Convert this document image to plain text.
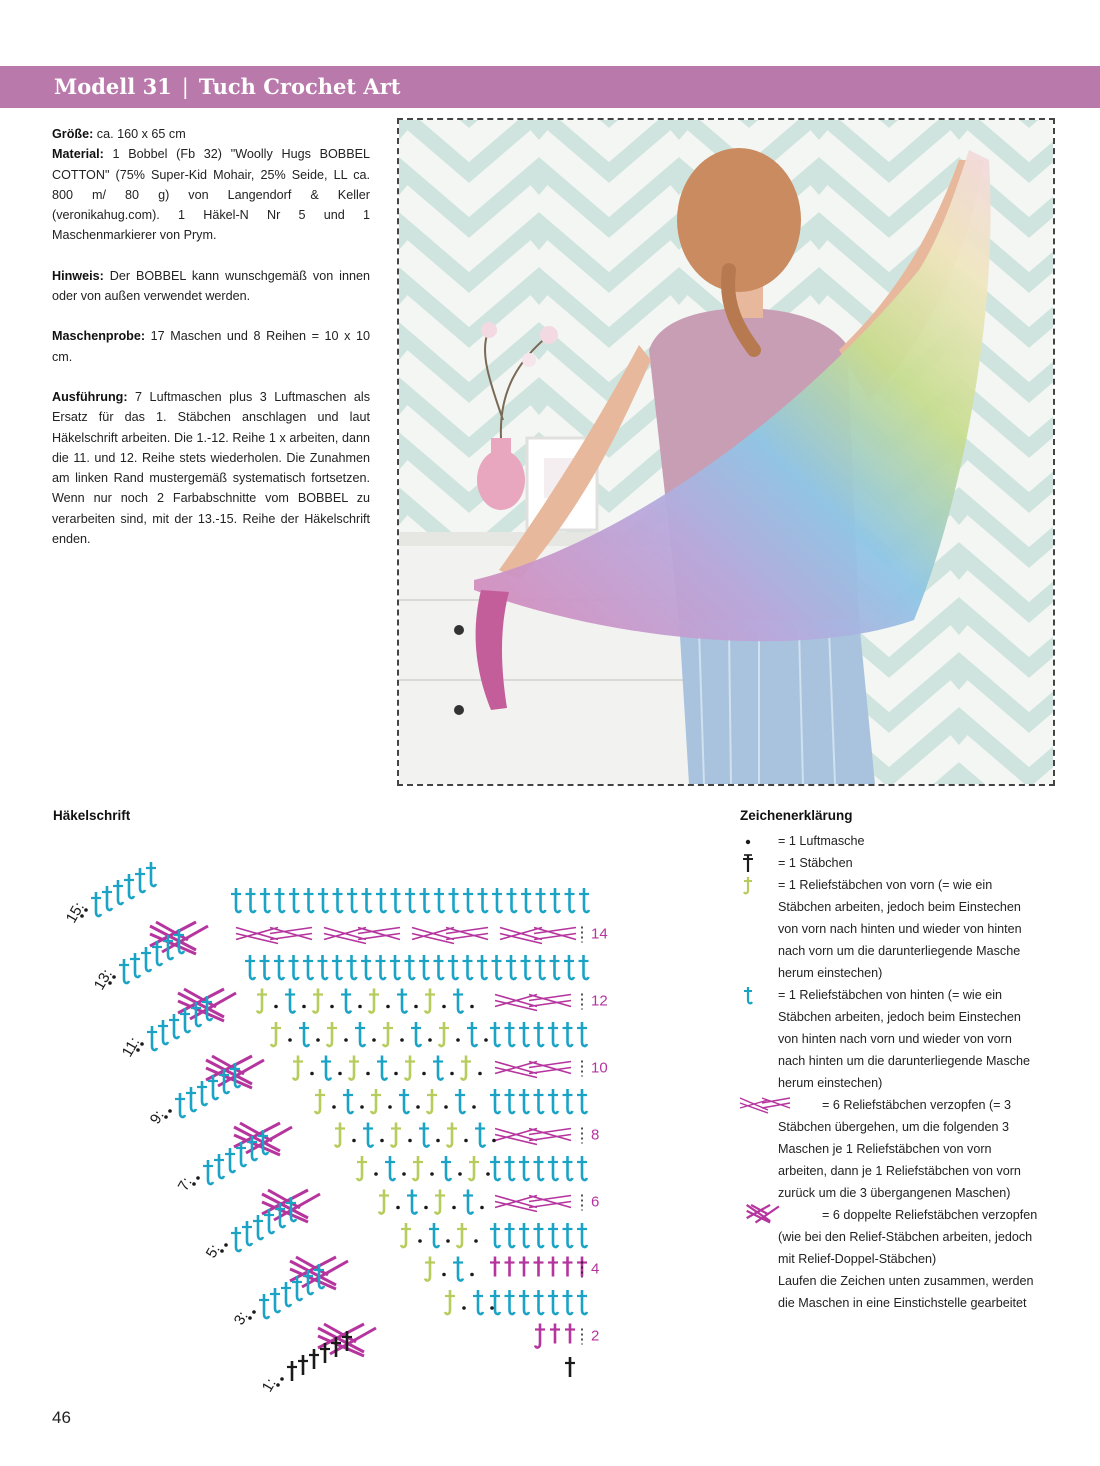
Modell 31 | Tuch Crochet Art

Größe: ca. 160 x 65 cm
Material: 1 Bobbel (Fb 32) "Woolly Hugs BOBBEL COTTON" (75% Super-Kid Mohair, 25% Seide, LL ca. 800 m/ 80 g) von Langendorf & Keller (veronikahug.com). 1 Häkel-N Nr 5 und 1 Maschenmarkierer von Prym.

Hinweis: Der BOBBEL kann wunschgemäß von innen oder von außen verwendet werden.

Maschenprobe: 17 Maschen und 8 Reihen = 10 x 10 cm.

Ausführung: 7 Luftmaschen plus 3 Luftmaschen als Ersatz für das 1. Stäbchen anschlagen und laut Häkelschrift arbeiten. Die 1.-12. Reihe 1 x arbeiten, dann die 11. und 12. Reihe stets wiederholen. Die Zunahmen am linken Rand mustergemäß systematisch fortsetzen. Wenn nur noch 2 Farbabschnitte vom BOBBEL zu verarbeiten sind, mit der 13.-15. Reihe der Häkelschrift enden.

Häkelschrift
14
12
10
8
6
4
2
15:
13:
11:
9:
7:
5:
3:
1:
Zeichenerklärung
= 1 Luftmasche
= 1 Stäbchen
= 1 Reliefstäbchen von vorn (= wie ein Stäbchen arbeiten, jedoch beim Einstechen von vorn nach hinten und wieder von hinten nach vorn um die darunterliegende Masche herum einstechen)
= 1 Reliefstäbchen von hinten (= wie ein Stäbchen arbeiten, jedoch beim Einstechen von hinten nach vorn und wieder von vorn nach hinten um die darunterliegende Masche herum einstechen)
= 6 Reliefstäbchen verzopfen (= 3 Stäbchen übergehen, um die folgenden 3 Maschen je 1 Reliefstäbchen von vorn arbeiten, dann je 1 Reliefstäbchen von vorn zurück um die 3 übergangenen Maschen)
= 6 doppelte Reliefstäbchen verzopfen (wie bei den Relief-Stäbchen arbeiten, jedoch mit Relief-Doppel-Stäbchen)
Laufen die Zeichen unten zusammen, werden die Maschen in eine Einstichstelle gearbeitet
46
